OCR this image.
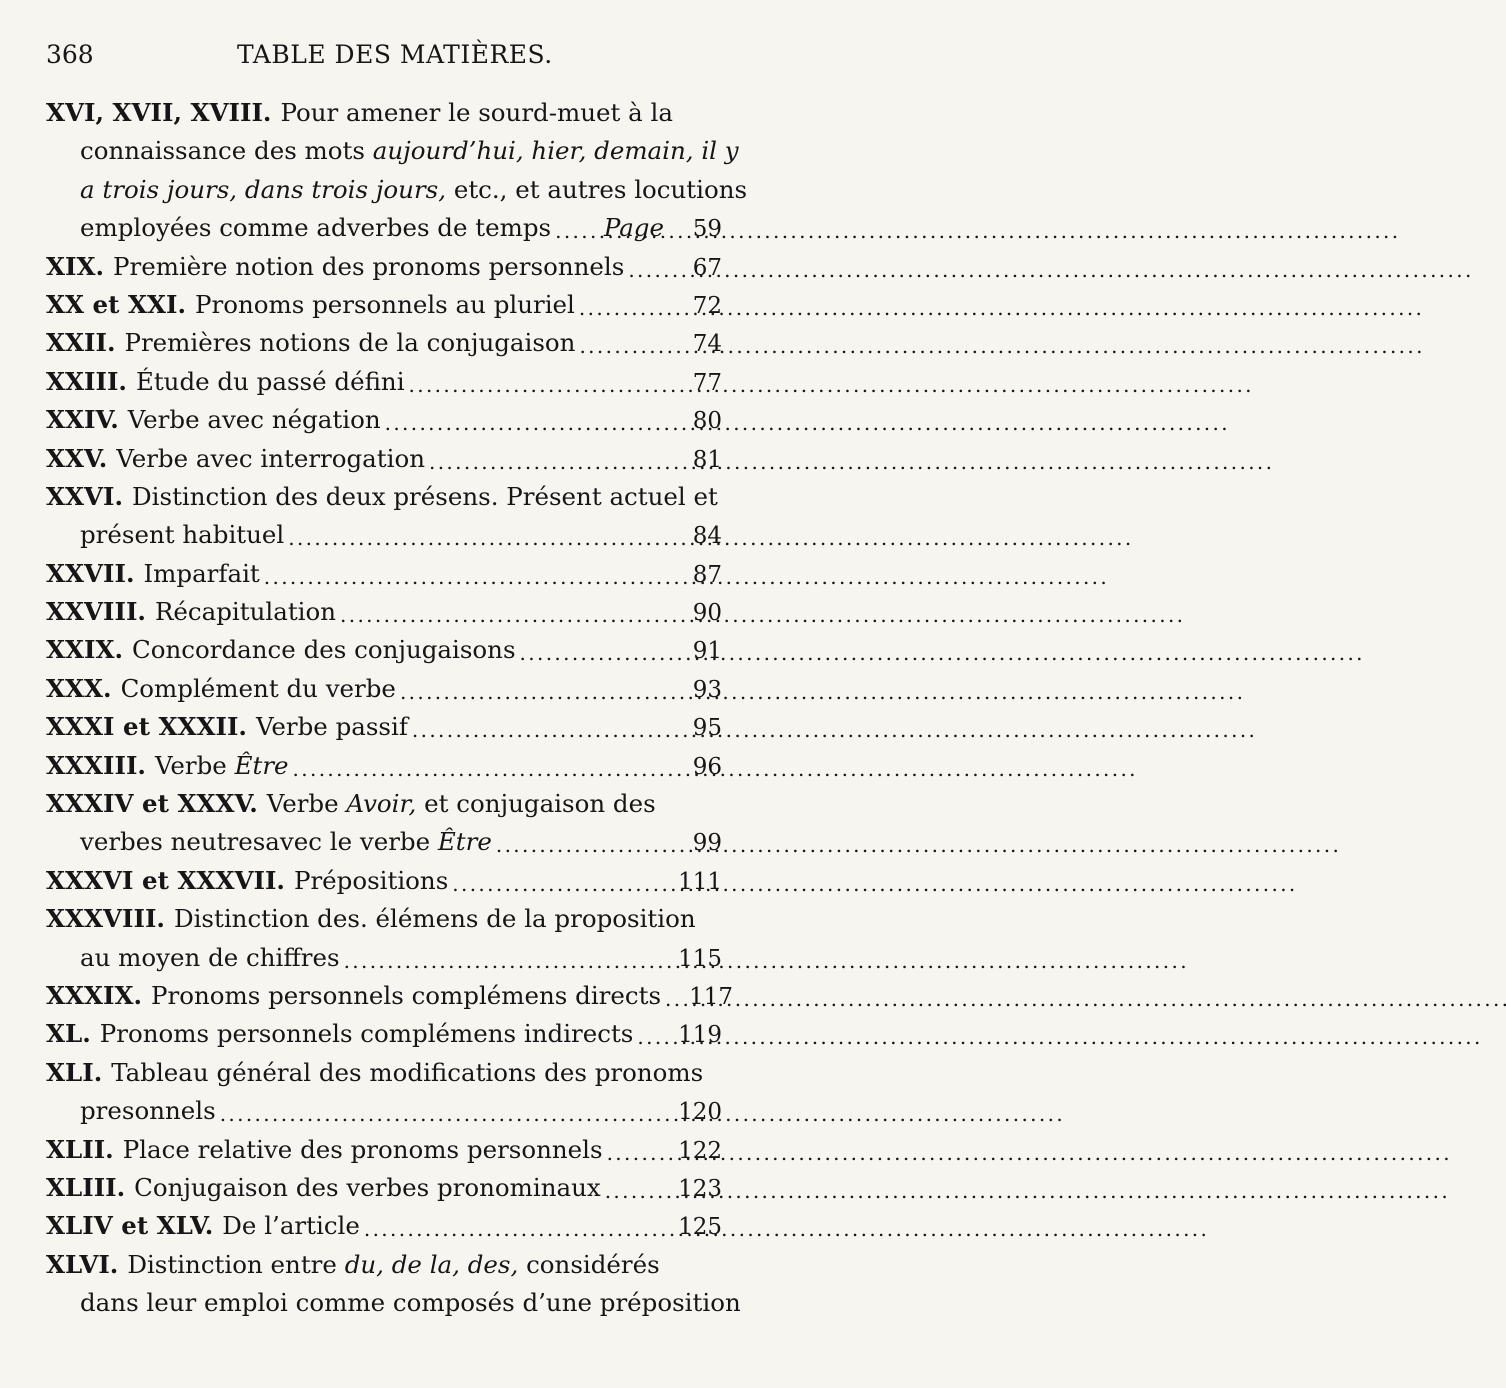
368	TABLE DES MATIÈRES.
XVI, XVII, XVIII. Pour amener le sourd-muet à la
connaissance des mots
aujourd’hui, hier, demain, il y
a trois jours, dans trois jours,
etc., et autres locutions
employées comme adverbes de temps . . . Page	59
XIX. Première notion des pronoms personnels . . .	67
XX et XXI. Pronoms personnels au pluriel . . .	72
XXII. Premières notions de la conjugaison . . .	74
XXIII. Étude du passé défini . . .	77
XXIV. Verbe avec négation . . .	80
XXV. Verbe avec interrogation . . .	81
XXVI. Distinction des deux présens. Présent actuel et
présent habituel . . .	84
XXVII. Imparfait . . .	87
XXVIII. Récapitulation . . .	90
XXIX. Concordance des conjugaisons . . .	91
XXX. Complément du verbe . . .	93
XXXI et XXXII. Verbe passif . . .	95
XXXIII. Verbe
Être . . .	96
XXXIV et XXXV. Verbe
Avoir,
et conjugaison des
verbes neutresavec le verbe
Être . . .	99
XXXVI et XXXVII. Prépositions . . .	111
XXXVIII. Distinction des. élémens de la proposition
au moyen de chiffres . . .	115
XXXIX. Pronoms personnels complémens directs . . .	117
XL. Pronoms personnels complémens indirects . . .	119
XLI. Tableau général des modifications des pronoms
presonnels . . .	120
XLII. Place relative des pronoms personnels . . .	122
XLIII. Conjugaison des verbes pronominaux . . .	123
XLIV et XLV. De l’article . . .	125
XLVI. Distinction entre
du, de la, des,
considérés
dans leur emploi comme composés d’une préposition
